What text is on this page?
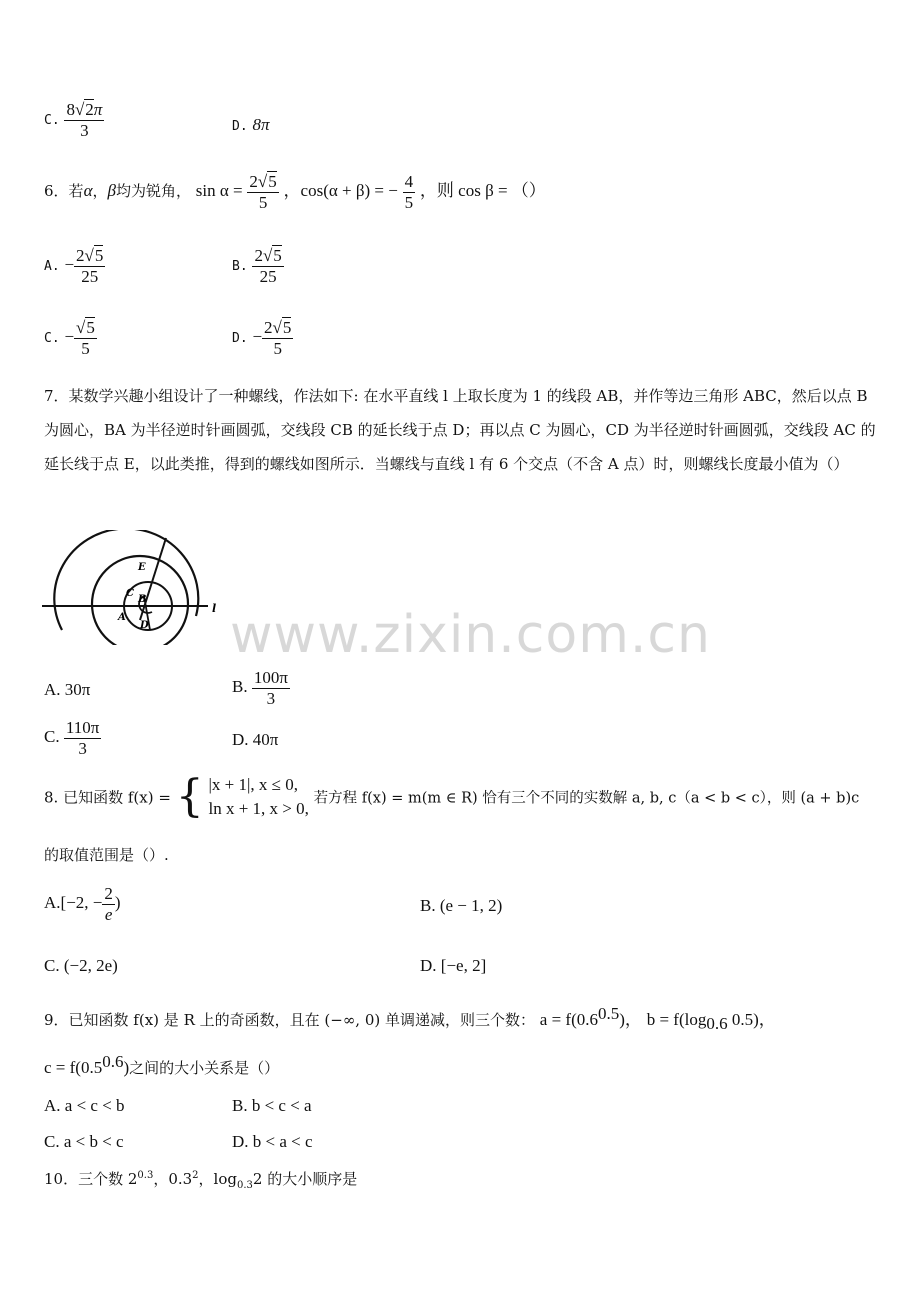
www.zixin.com.cn
C. $\frac{8√2\pi}{3}$	D. 8π
6．若α，β均为锐角， $\sin \alpha = \frac{2√5}{5}$ ，cos(α + β) = − $\frac{4}{5}$ ，则 cos β = （）
A. − $\frac{2√5}{25}$	B. $\frac{2√5}{25}$
C. − $\frac{√5}{5}$	D. − $\frac{2√5}{5}$
7．某数学兴趣小组设计了一种螺线，作法如下: 在水平直线 l 上取长度为 1 的线段 AB，并作等边三角形 ABC，然后以点 B 为圆心，BA 为半径逆时针画圆弧，交线段 CB 的延长线于点 D；再以点 C 为圆心，CD 为半径逆时针画圆弧，交线段 AC 的延长线于点 E，以此类推，得到的螺线如图所示．当螺线与直线 l 有 6 个交点（不含 A 点）时，则螺线长度最小值为（）
E
C
B
A
D
l
A. 30π	B. $\frac{100\pi}{3}$
C. $\frac{110\pi}{3}$	D. 40π
8. 已知函数 f(x) = { |x + 1|, x ≤ 0,
ln x + 1, x > 0,
若方程 f(x) = m(m ∈ R) 恰有三个不同的实数解 a, b, c（a < b < c），则 (a + b)c
的取值范围是（）.
A.[−2, − $\frac{2}{e}$ )	B. (e − 1, 2)
C. (−2, 2e)	D. [−e, 2]
9．已知函数 f(x) 是 R 上的奇函数，且在 (−∞, 0) 单调递减，则三个数： $a = f(0.6^{0.5})$， $b = f(\log_{0.6}$ 0.5)，
$c = f(0.5^{0.6})$之间的大小关系是（）
A. a < c < b	B. b < c < a
C. a < b < c	D. b < a < c
10．三个数 $2^{0.3}$，$0.3^2$，$\log_{0.3}2$ 的大小顺序是
